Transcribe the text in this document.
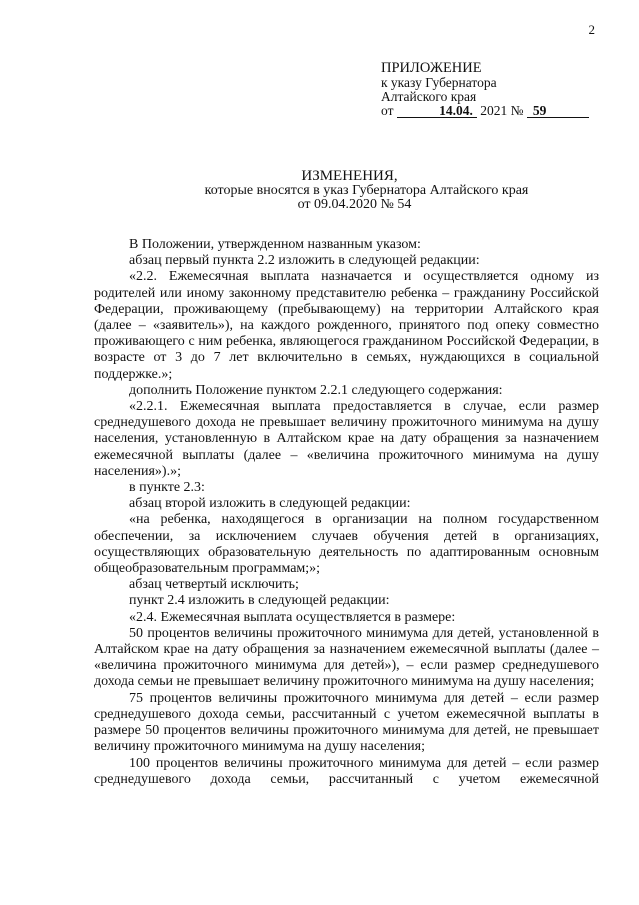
2
ПРИЛОЖЕНИЕ
к указу Губернатора
Алтайского края
от	14.04. 2021 № 59
ИЗМЕНЕНИЯ,
которые вносятся в указ Губернатора Алтайского края
от 09.04.2020 № 54

В Положении, утвержденном названным указом:

абзац первый пункта 2.2 изложить в следующей редакции:

«2.2. Ежемесячная выплата назначается и осуществляется одному из родителей или иному законному представителю ребенка – гражданину Российской Федерации, проживающему (пребывающему) на территории Алтайского края (далее – «заявитель»), на каждого рожденного, принятого под опеку совместно проживающего с ним ребенка, являющегося гражданином Российской Федерации, в возрасте от 3 до 7 лет включительно в семьях, нуждающихся в социальной поддержке.»;

дополнить Положение пунктом 2.2.1 следующего содержания:

«2.2.1. Ежемесячная выплата предоставляется в случае, если размер среднедушевого дохода не превышает величину прожиточного минимума на душу населения, установленную в Алтайском крае на дату обращения за назначением ежемесячной выплаты (далее – «величина прожиточного минимума на душу населения»).»;

в пункте 2.3:

абзац второй изложить в следующей редакции:

«на ребенка, находящегося в организации на полном государственном обеспечении, за исключением случаев обучения детей в организациях, осуществляющих образовательную деятельность по адаптированным основным общеобразовательным программам;»;

абзац четвертый исключить;

пункт 2.4 изложить в следующей редакции:

«2.4. Ежемесячная выплата осуществляется в размере:

50 процентов величины прожиточного минимума для детей, установленной в Алтайском крае на дату обращения за назначением ежемесячной выплаты (далее – «величина прожиточного минимума для детей»), – если размер среднедушевого дохода семьи не превышает величину прожиточного минимума на душу населения;

75 процентов величины прожиточного минимума для детей – если размер среднедушевого дохода семьи, рассчитанный с учетом ежемесячной выплаты в размере 50 процентов величины прожиточного минимума для детей, не превышает величину прожиточного минимума на душу населения;

100 процентов величины прожиточного минимума для детей – если размер среднедушевого дохода семьи, рассчитанный с учетом ежемесячной
